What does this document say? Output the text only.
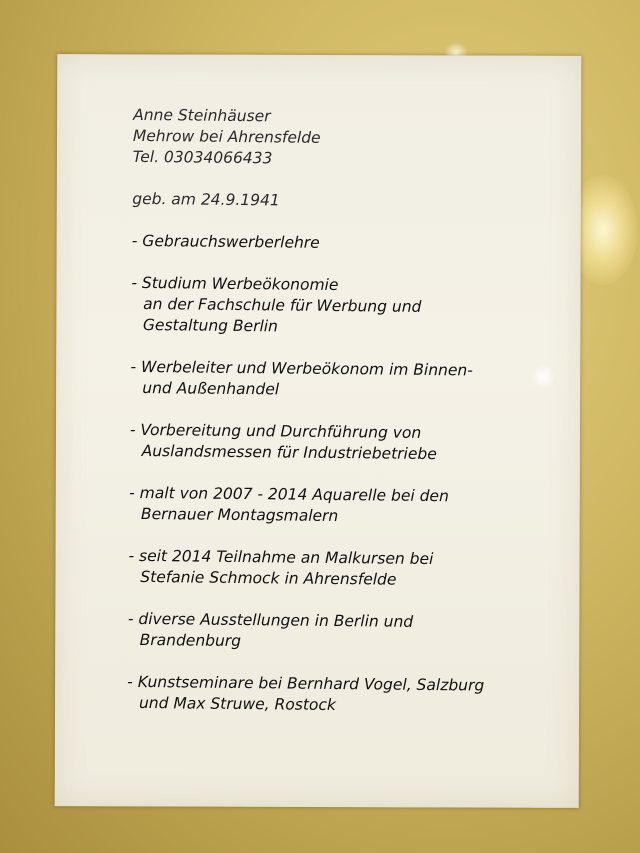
Anne Steinhäuser
Mehrow bei Ahrensfelde
Tel. 03034066433
geb. am 24.9.1941
- Gebrauchswerberlehre
- Studium Werbeökonomie
an der Fachschule für Werbung und
Gestaltung Berlin
- Werbeleiter und Werbeökonom im Binnen-
und Außenhandel
- Vorbereitung und Durchführung von
Auslandsmessen für Industriebetriebe
- malt von 2007 - 2014 Aquarelle bei den
Bernauer Montagsmalern
- seit 2014 Teilnahme an Malkursen bei
Stefanie Schmock in Ahrensfelde
- diverse Ausstellungen in Berlin und
Brandenburg
- Kunstseminare bei Bernhard Vogel, Salzburg
und Max Struwe, Rostock
